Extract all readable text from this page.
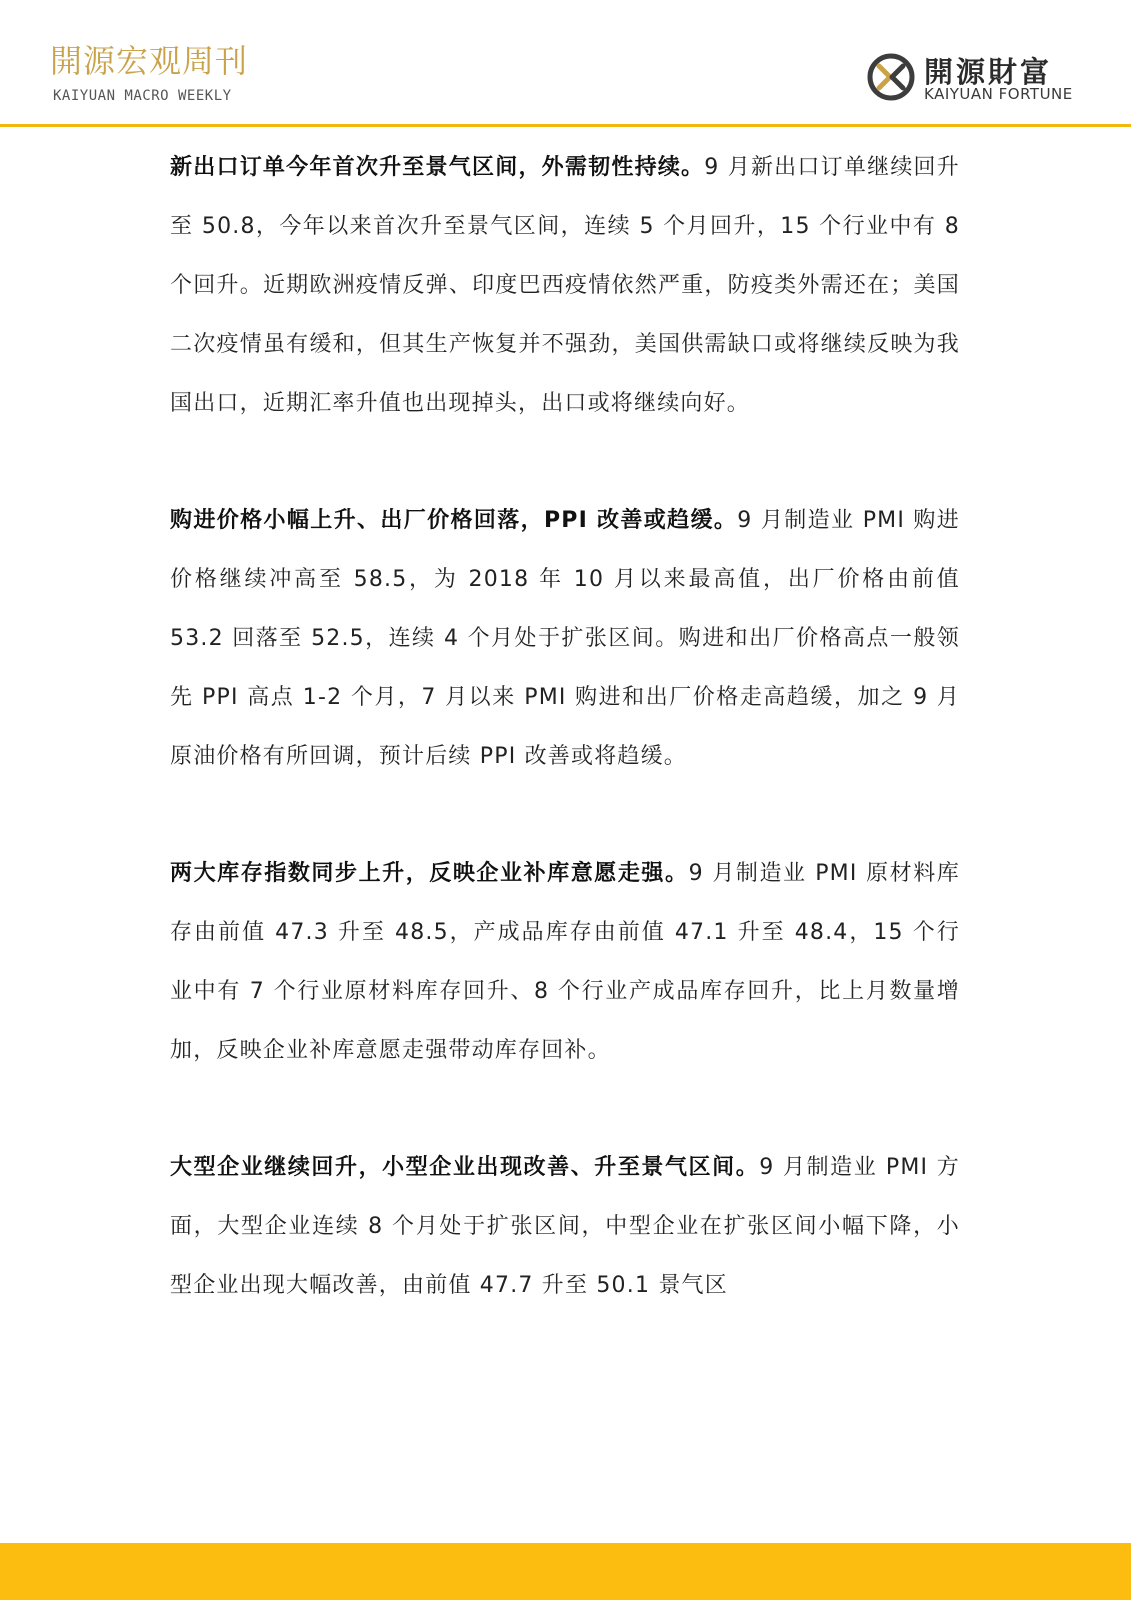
開源宏观周刊
KAIYUAN MACRO WEEKLY
開源財富
KAIYUAN FORTUNE

新出口订单今年首次升至景气区间，外需韧性持续。9 月新出口订单继续回升至 50.8，今年以来首次升至景气区间，连续 5 个月回升，15 个行业中有 8 个回升。近期欧洲疫情反弹、印度巴西疫情依然严重，防疫类外需还在；美国二次疫情虽有缓和，但其生产恢复并不强劲，美国供需缺口或将继续反映为我国出口，近期汇率升值也出现掉头，出口或将继续向好。

购进价格小幅上升、出厂价格回落，PPI 改善或趋缓。9 月制造业 PMI 购进价格继续冲高至 58.5，为 2018 年 10 月以来最高值，出厂价格由前值 53.2 回落至 52.5，连续 4 个月处于扩张区间。购进和出厂价格高点一般领先 PPI 高点 1-2 个月，7 月以来 PMI 购进和出厂价格走高趋缓，加之 9 月原油价格有所回调，预计后续 PPI 改善或将趋缓。

两大库存指数同步上升，反映企业补库意愿走强。9 月制造业 PMI 原材料库存由前值 47.3 升至 48.5，产成品库存由前值 47.1 升至 48.4，15 个行业中有 7 个行业原材料库存回升、8 个行业产成品库存回升，比上月数量增加，反映企业补库意愿走强带动库存回补。

大型企业继续回升，小型企业出现改善、升至景气区间。9 月制造业 PMI 方面，大型企业连续 8 个月处于扩张区间，中型企业在扩张区间小幅下降，小型企业出现大幅改善，由前值 47.7 升至 50.1 景气区
